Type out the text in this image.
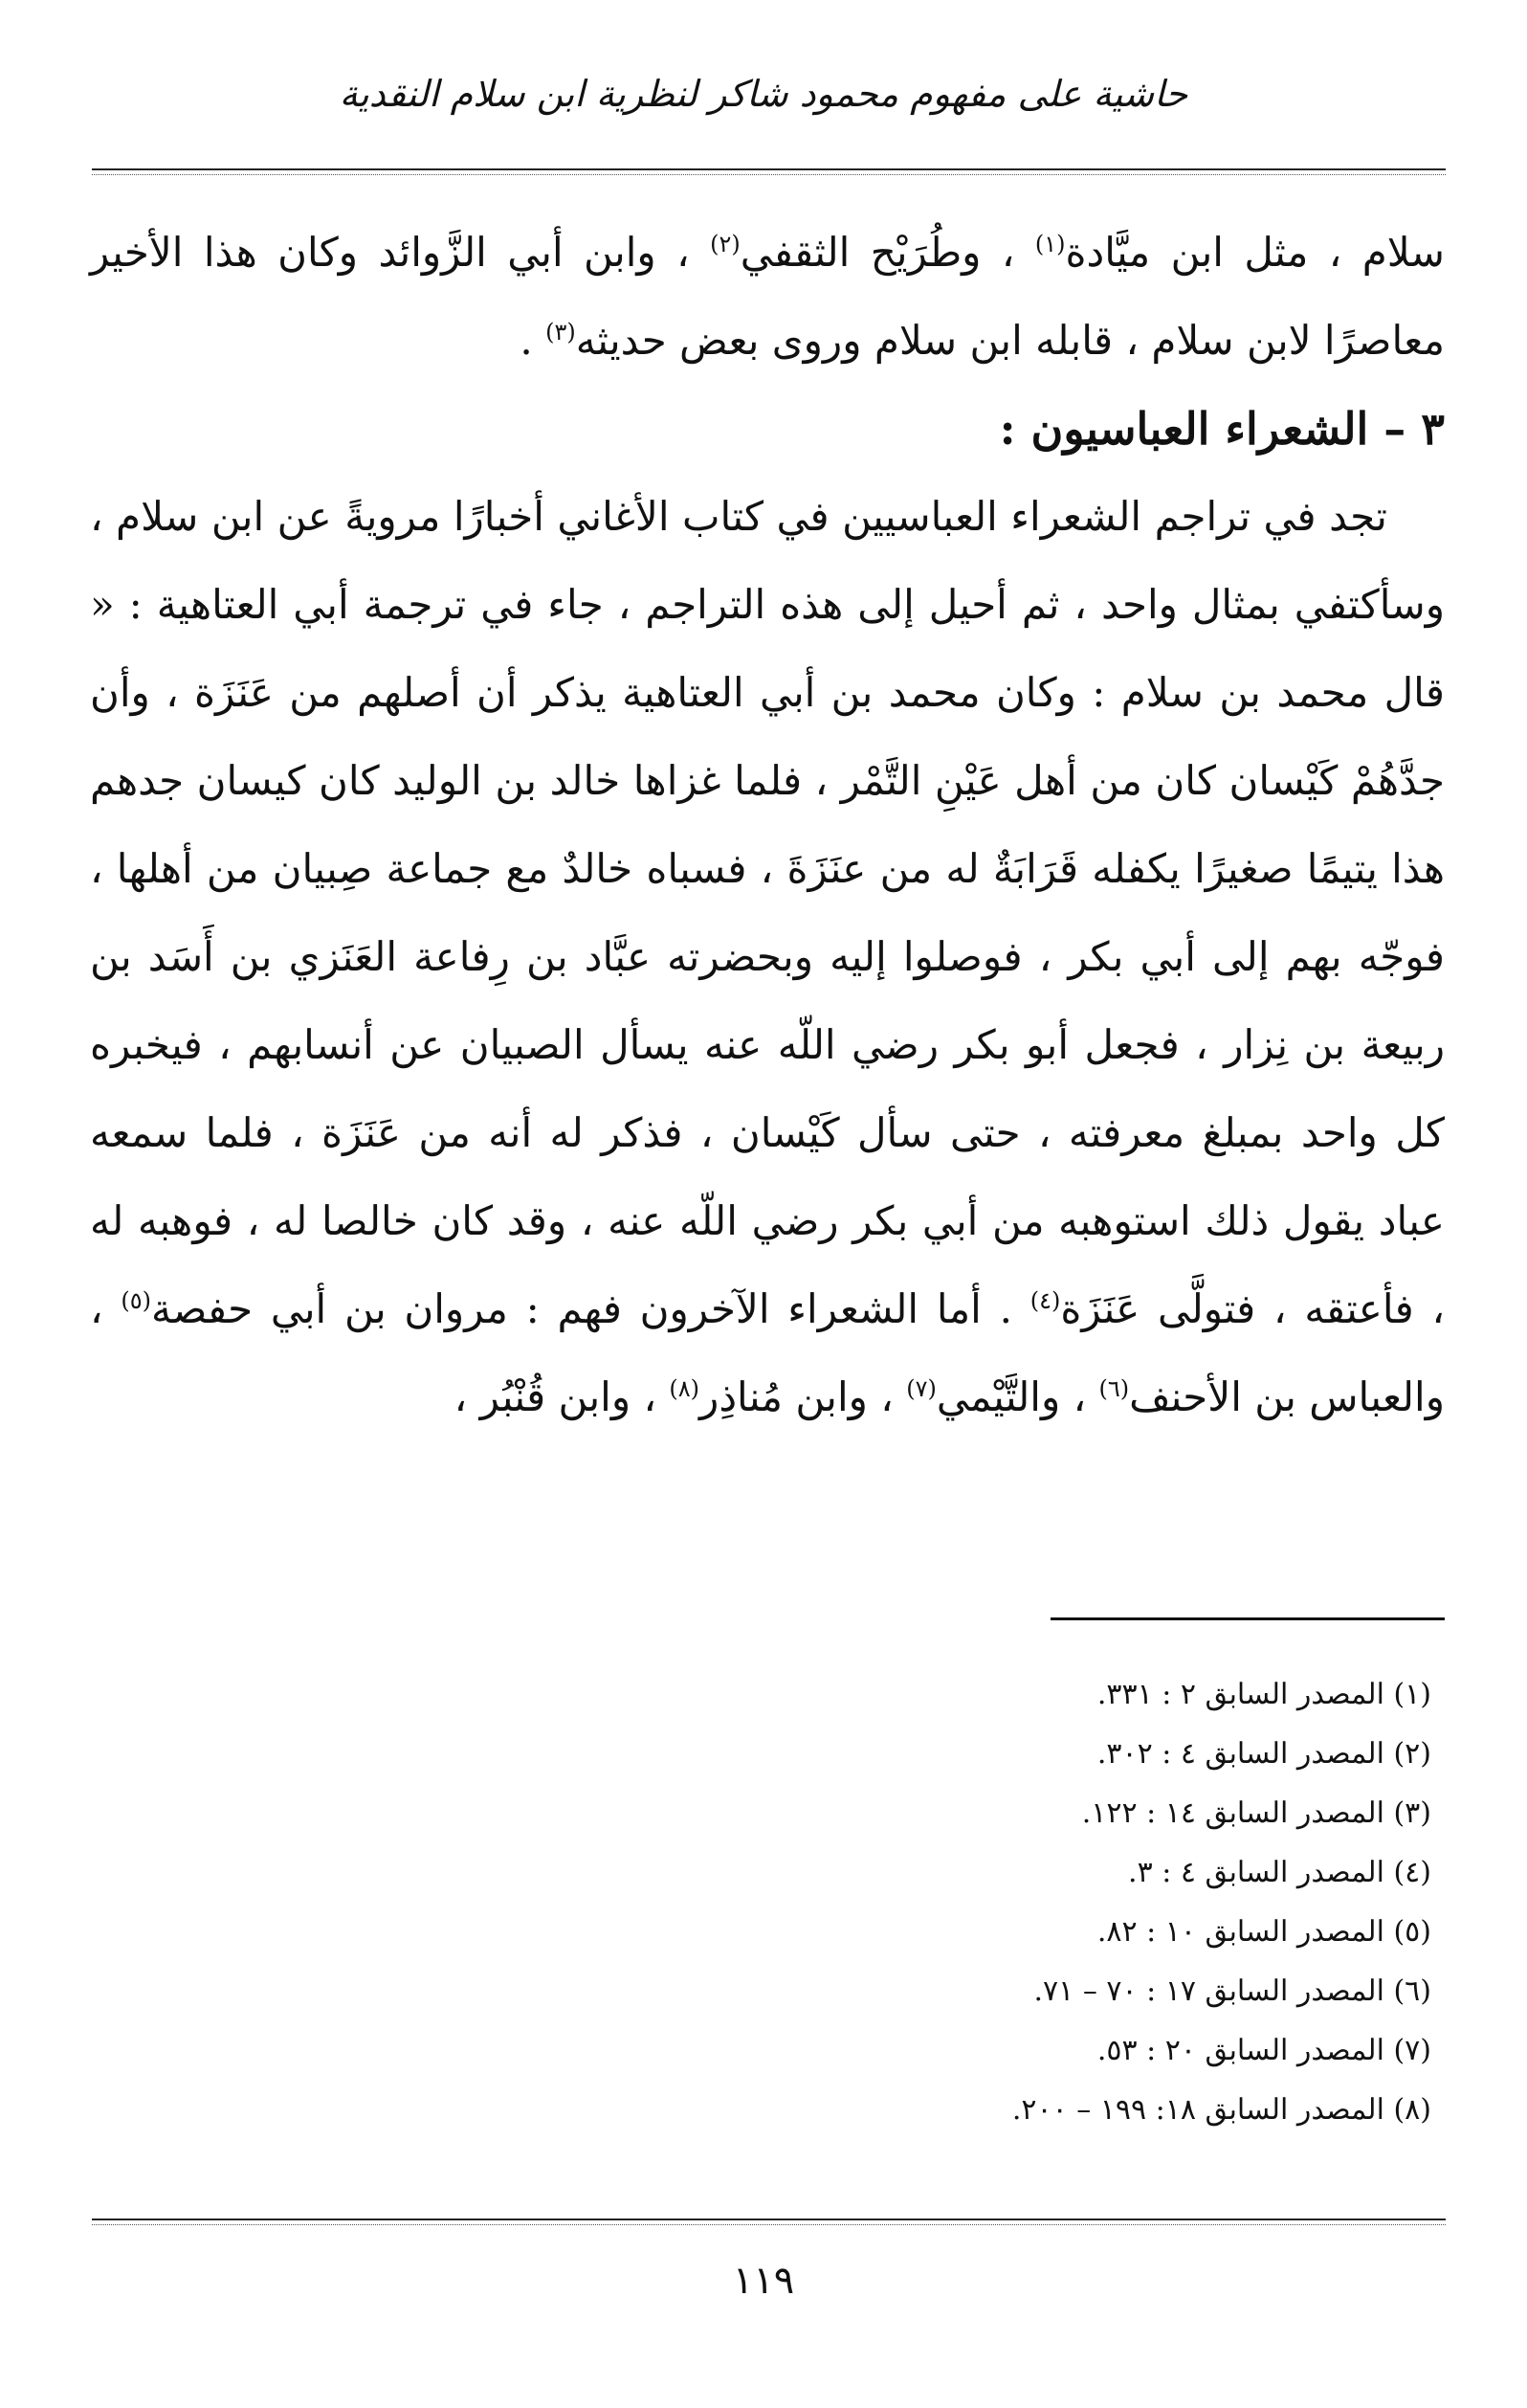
حاشية على مفهوم محمود شاكر لنظرية ابن سلام النقدية

سلام ، مثل ابن ميَّادة$^{(١)}$ ، وطُرَيْح الثقفي$^{(٢)}$ ، وابن أبي الزَّوائد وكان هذا الأخير معاصرًا لابن سلام ، قابله ابن سلام وروى بعض حديثه$^{(٣)}$ .

٣ – الشعراء العباسيون :

تجد في تراجم الشعراء العباسيين في كتاب الأغاني أخبارًا مرويةً عن ابن سلام ، وسأكتفي بمثال واحد ، ثم أحيل إلى هذه التراجم ، جاء في ترجمة أبي العتاهية : « قال محمد بن سلام : وكان محمد بن أبي العتاهية يذكر أن أصلهم من عَنَزَة ، وأن جدَّهُمْ كَيْسان كان من أهل عَيْنِ التَّمْر ، فلما غزاها خالد بن الوليد كان كيسان جدهم هذا يتيمًا صغيرًا يكفله قَرَابَةٌ له من عنَزَةَ ، فسباه خالدٌ مع جماعة صِبيان من أهلها ، فوجّه بهم إلى أبي بكر ، فوصلوا إليه وبحضرته عبَّاد بن رِفاعة العَنَزي بن أَسَد بن ربيعة بن نِزار ، فجعل أبو بكر رضي اللّه عنه يسأل الصبيان عن أنسابهم ، فيخبره كل واحد بمبلغ معرفته ، حتى سأل كَيْسان ، فذكر له أنه من عَنَزَة ، فلما سمعه عباد يقول ذلك استوهبه من أبي بكر رضي اللّه عنه ، وقد كان خالصا له ، فوهبه له ، فأعتقه ، فتولَّى عَنَزَة$^{(٤)}$ . أما الشعراء الآخرون فهم : مروان بن أبي حفصة$^{(٥)}$ ، والعباس بن الأحنف$^{(٦)}$ ، والتَّيْمي$^{(٧)}$ ، وابن مُناذِر$^{(٨)}$ ، وابن قُنْبُر ،

(١) المصدر السابق ٢ : ٣٣١.

(٢) المصدر السابق ٤ : ٣٠٢.

(٣) المصدر السابق ١٤ : ١٢٢.

(٤) المصدر السابق ٤ : ٣.

(٥) المصدر السابق ١٠ : ٨٢.

(٦) المصدر السابق ١٧ : ٧٠ – ٧١.

(٧) المصدر السابق ٢٠ : ٥٣.

(٨) المصدر السابق ١٨: ١٩٩ – ٢٠٠.

١١٩
